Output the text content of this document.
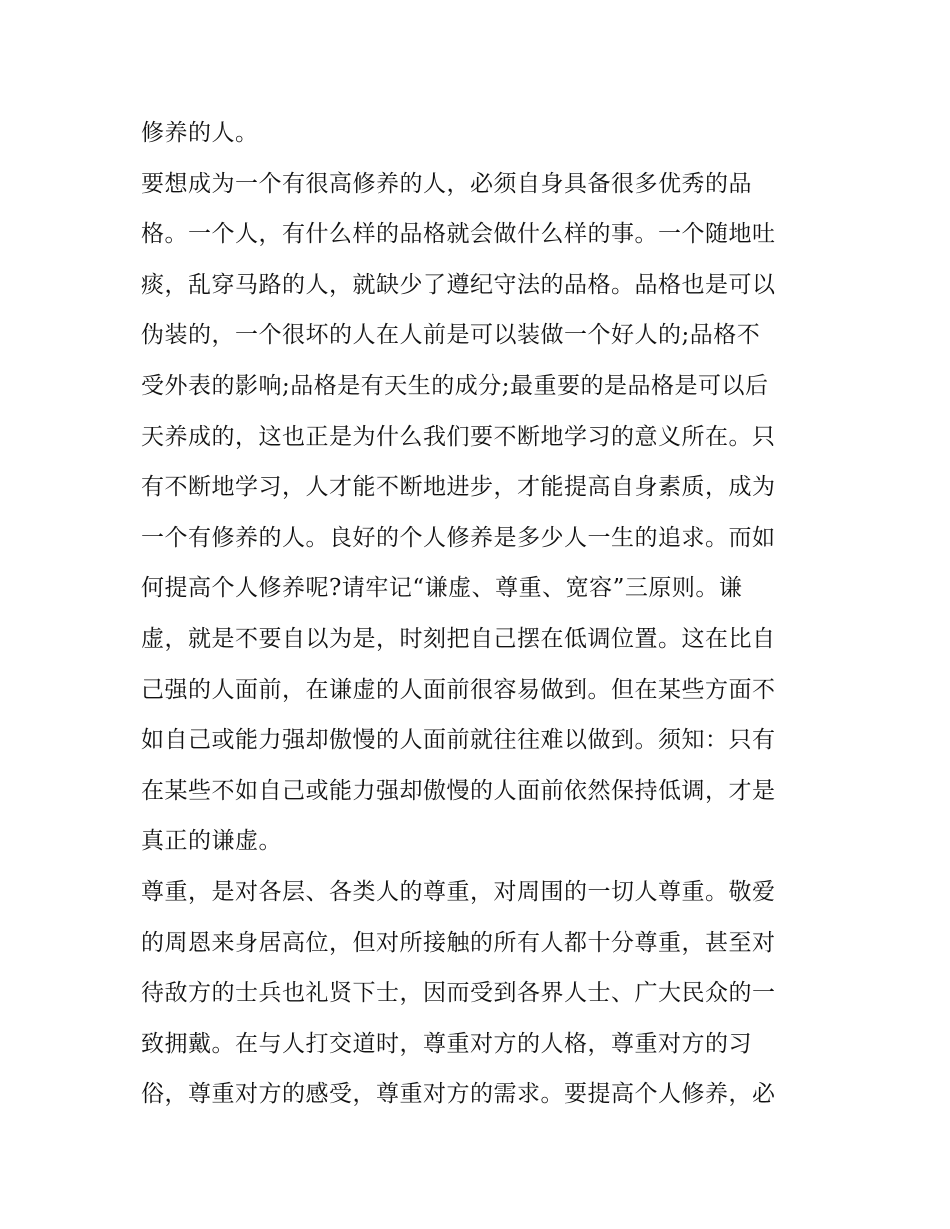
修养的人。
要想成为一个有很高修养的人，必须自身具备很多优秀的品
格。一个人，有什么样的品格就会做什么样的事。一个随地吐
痰，乱穿马路的人，就缺少了遵纪守法的品格。品格也是可以
伪装的，一个很坏的人在人前是可以装做一个好人的;品格不
受外表的影响;品格是有天生的成分;最重要的是品格是可以后
天养成的，这也正是为什么我们要不断地学习的意义所在。只
有不断地学习，人才能不断地进步，才能提高自身素质，成为
一个有修养的人。良好的个人修养是多少人一生的追求。而如
何提高个人修养呢?请牢记“谦虚、尊重、宽容”三原则。谦
虚，就是不要自以为是，时刻把自己摆在低调位置。这在比自
己强的人面前，在谦虚的人面前很容易做到。但在某些方面不
如自己或能力强却傲慢的人面前就往往难以做到。须知：只有
在某些不如自己或能力强却傲慢的人面前依然保持低调，才是
真正的谦虚。
尊重，是对各层、各类人的尊重，对周围的一切人尊重。敬爱
的周恩来身居高位，但对所接触的所有人都十分尊重，甚至对
待敌方的士兵也礼贤下士，因而受到各界人士、广大民众的一
致拥戴。在与人打交道时，尊重对方的人格，尊重对方的习
俗，尊重对方的感受，尊重对方的需求。要提高个人修养，必
